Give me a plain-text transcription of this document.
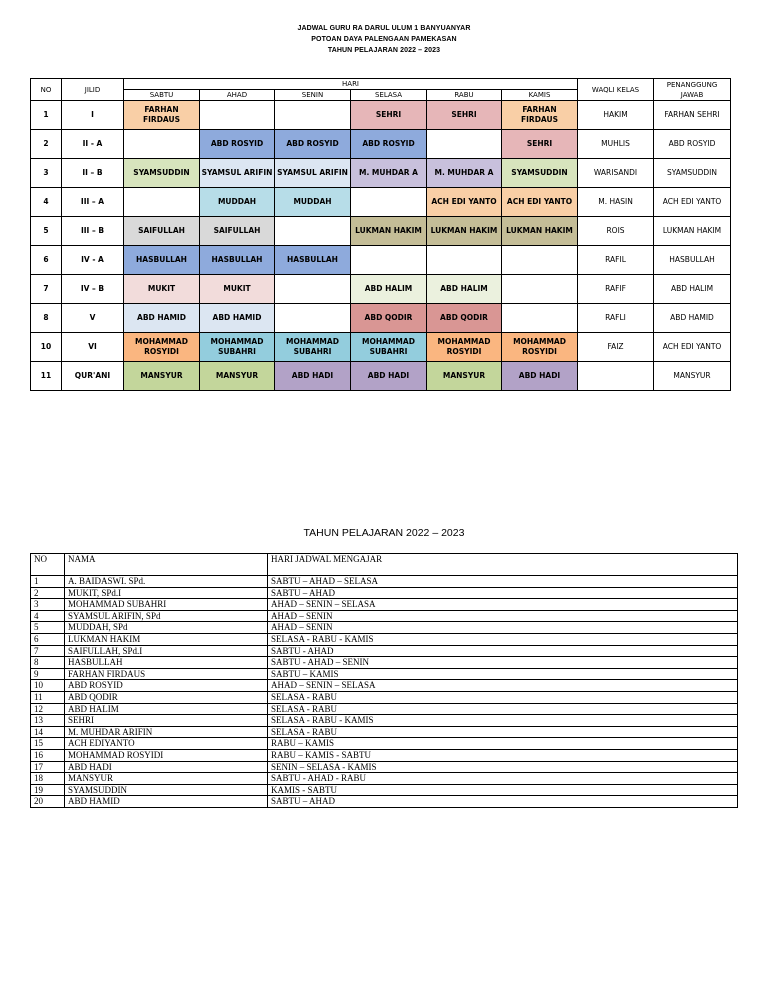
JADWAL GURU RA DARUL ULUM 1 BANYUANYAR
POTOAN DAYA PALENGAAN PAMEKASAN
TAHUN PELAJARAN 2022 – 2023
NO	JILID	HARI						WAQLI KELAS	PENANGGUNG JAWAB
		SABTU	AHAD	SENIN	SELASA	RABU	KAMIS		
1	I	FARHAN FIRDAUS			SEHRI	SEHRI	FARHAN FIRDAUS	HAKIM	FARHAN SEHRI
2	II - A		ABD ROSYID	ABD ROSYID	ABD ROSYID		SEHRI	MUHLIS	ABD ROSYID
3	II – B	SYAMSUDDIN	SYAMSUL ARIFIN	SYAMSUL ARIFIN	M. MUHDAR A	M. MUHDAR A	SYAMSUDDIN	WARISANDI	SYAMSUDDIN
4	III – A		MUDDAH	MUDDAH		ACH EDI YANTO	ACH EDI YANTO	M. HASIN	ACH EDI YANTO
5	III – B	SAIFULLAH	SAIFULLAH		LUKMAN HAKIM	LUKMAN HAKIM	LUKMAN HAKIM	ROIS	LUKMAN HAKIM
6	IV - A	HASBULLAH	HASBULLAH	HASBULLAH				RAFIL	HASBULLAH
7	IV – B	MUKIT	MUKIT		ABD HALIM	ABD HALIM		RAFIF	ABD HALIM
8	V	ABD HAMID	ABD HAMID		ABD QODIR	ABD QODIR		RAFLI	ABD HAMID
10	VI	MOHAMMAD ROSYIDI	MOHAMMAD SUBAHRI	MOHAMMAD SUBAHRI	MOHAMMAD SUBAHRI	MOHAMMAD ROSYIDI	MOHAMMAD ROSYIDI	FAIZ	ACH EDI YANTO
11	QUR'ANI	MANSYUR	MANSYUR	ABD HADI	ABD HADI	MANSYUR	ABD HADI		MANSYUR
TAHUN PELAJARAN 2022 – 2023
NO	NAMA	HARI JADWAL MENGAJAR
1	A. BAIDASWI. SPd.	SABTU – AHAD – SELASA
2	MUKIT, SPd.I	SABTU – AHAD
3	MOHAMMAD SUBAHRI	AHAD – SENIN – SELASA
4	SYAMSUL ARIFIN, SPd	AHAD – SENIN
5	MUDDAH, SPd	AHAD – SENIN
6	LUKMAN HAKIM	SELASA - RABU - KAMIS
7	SAIFULLAH, SPd.I	SABTU - AHAD
8	HASBULLAH	SABTU - AHAD – SENIN
9	FARHAN FIRDAUS	SABTU – KAMIS
10	ABD ROSYID	AHAD – SENIN – SELASA
11	ABD QODIR	SELASA - RABU
12	ABD HALIM	SELASA - RABU
13	SEHRI	SELASA - RABU - KAMIS
14	M. MUHDAR ARIFIN	SELASA - RABU
15	ACH EDIYANTO	RABU – KAMIS
16	MOHAMMAD ROSYIDI	RABU – KAMIS - SABTU
17	ABD HADI	SENIN – SELASA - KAMIS
18	MANSYUR	SABTU - AHAD - RABU
19	SYAMSUDDIN	KAMIS - SABTU
20	ABD HAMID	SABTU – AHAD
